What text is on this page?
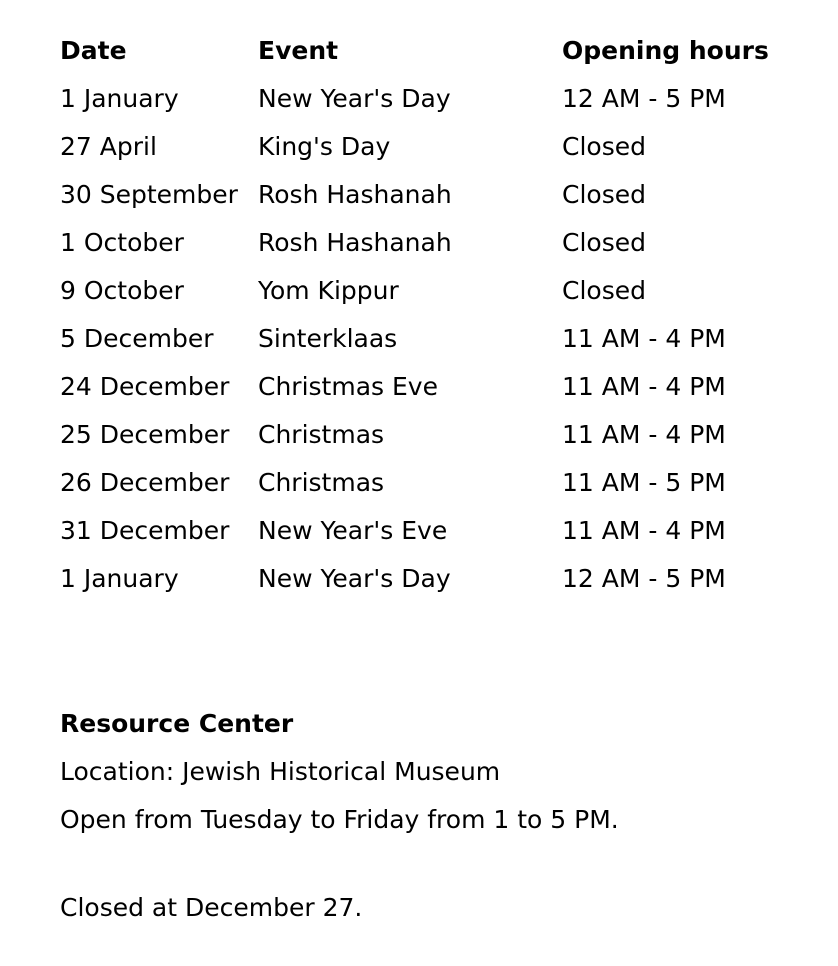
Date	Event	Opening hours
1 January	New Year's Day	12 AM - 5 PM
27 April	King's Day	Closed
30 September	Rosh Hashanah	Closed
1 October	Rosh Hashanah	Closed
9 October	Yom Kippur	Closed
5 December	Sinterklaas	11 AM - 4 PM
24 December	Christmas Eve	11 AM - 4 PM
25 December	Christmas	11 AM - 4 PM
26 December	Christmas	11 AM - 5 PM
31 December	New Year's Eve	11 AM - 4 PM
1 January	New Year's Day	12 AM - 5 PM
Resource Center

Location: Jewish Historical Museum

Open from Tuesday to Friday from 1 to 5 PM.

Closed at December 27.
